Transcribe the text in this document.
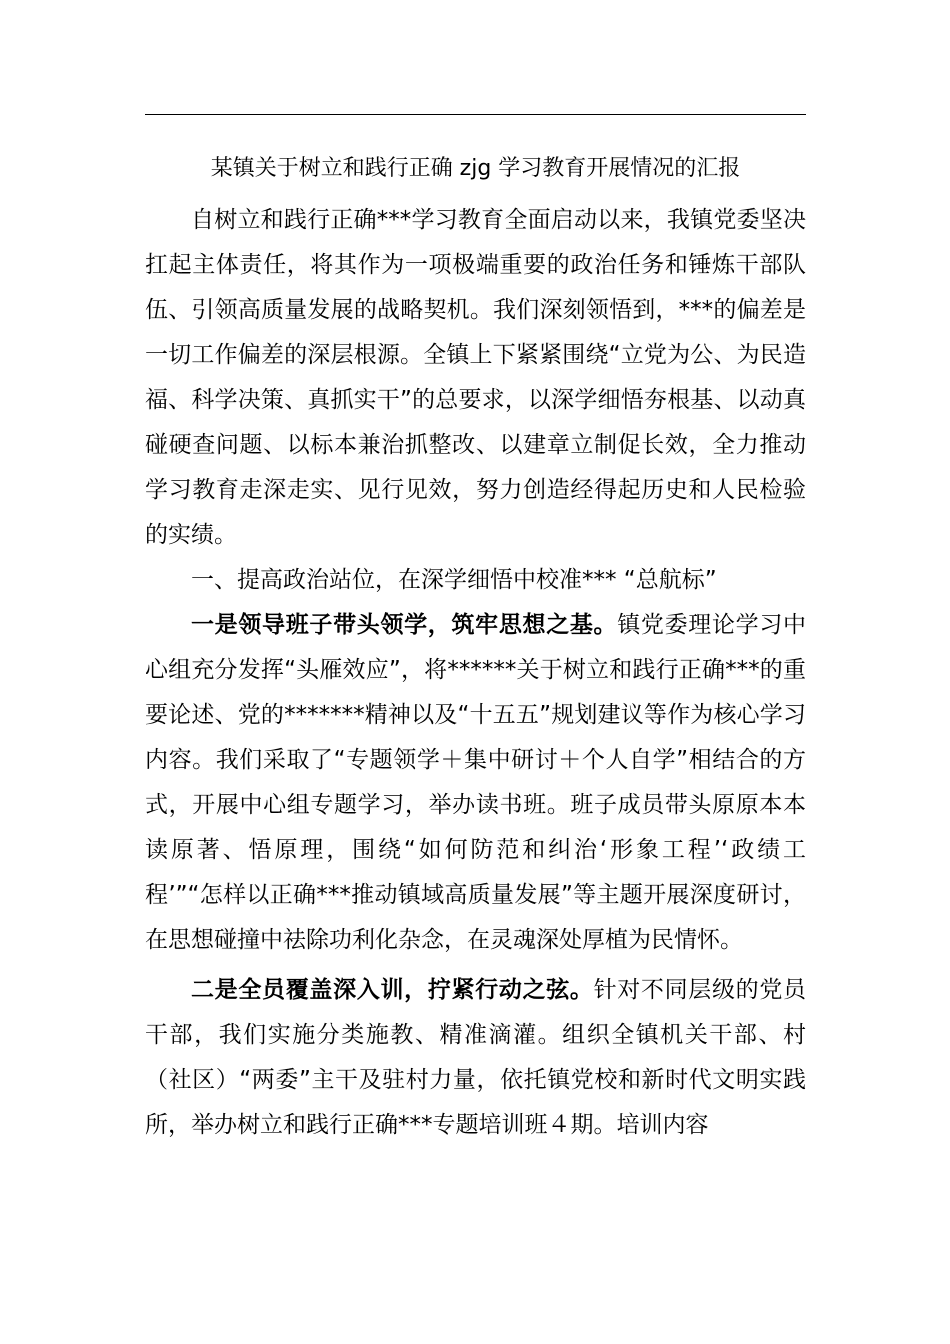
某镇关于树立和践行正确 zjg 学习教育开展情况的汇报

自树立和践行正确***学习教育全面启动以来，我镇党委坚决扛起主体责任，将其作为一项极端重要的政治任务和锤炼干部队伍、引领高质量发展的战略契机。我们深刻领悟到，***的偏差是一切工作偏差的深层根源。全镇上下紧紧围绕“立党为公、为民造福、科学决策、真抓实干”的总要求，以深学细悟夯根基、以动真碰硬查问题、以标本兼治抓整改、以建章立制促长效，全力推动学习教育走深走实、见行见效，努力创造经得起历史和人民检验的实绩。

一、提高政治站位，在深学细悟中校准*** “总航标”

一是领导班子带头领学，筑牢思想之基。镇党委理论学习中心组充分发挥“头雁效应”，将******关于树立和践行正确***的重要论述、党的*******精神以及“十五五”规划建议等作为核心学习内容。我们采取了“专题领学＋集中研讨＋个人自学”相结合的方式，开展中心组专题学习，举办读书班。班子成员带头原原本本读原著、悟原理，围绕“如何防范和纠治‘形象工程’‘政绩工程’”“怎样以正确***推动镇域高质量发展”等主题开展深度研讨，在思想碰撞中祛除功利化杂念，在灵魂深处厚植为民情怀。

二是全员覆盖深入训，拧紧行动之弦。针对不同层级的党员干部，我们实施分类施教、精准滴灌。组织全镇机关干部、村（社区）“两委”主干及驻村力量，依托镇党校和新时代文明实践所，举办树立和践行正确***专题培训班４期。培训内容
